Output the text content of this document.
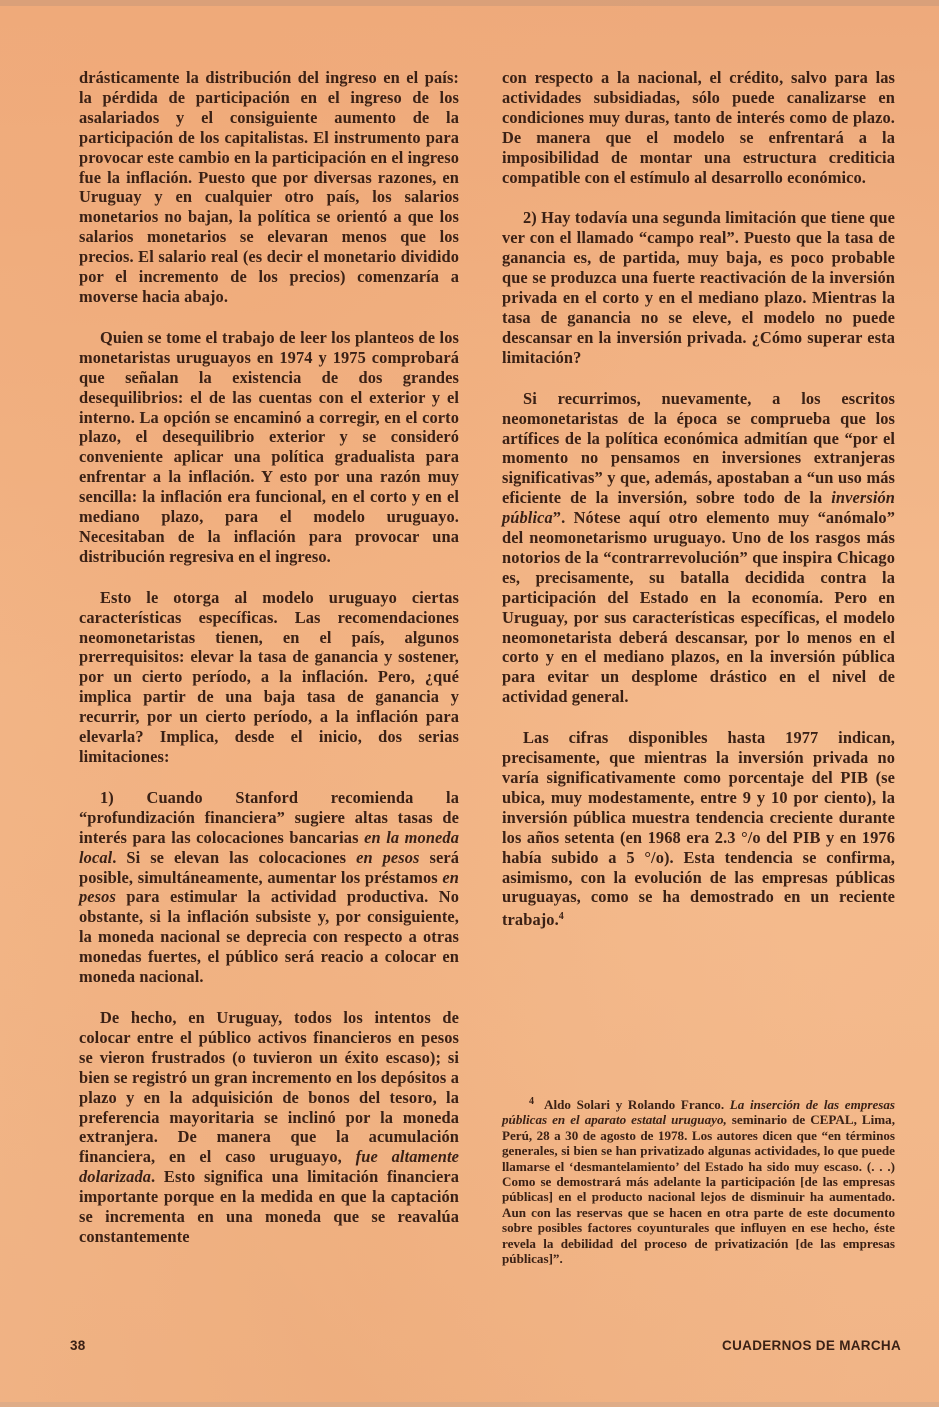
drásticamente la distribución del ingreso en el país: la pérdida de participación en el ingreso de los asalariados y el consiguiente aumento de la participación de los capitalistas. El instrumento para provocar este cambio en la participación en el ingreso fue la inflación. Puesto que por diversas razones, en Uruguay y en cualquier otro país, los salarios monetarios no bajan, la política se orientó a que los salarios monetarios se elevaran menos que los precios. El salario real (es decir el monetario dividido por el incremento de los precios) comenzaría a moverse hacia abajo.

Quien se tome el trabajo de leer los planteos de los monetaristas uruguayos en 1974 y 1975 comprobará que señalan la existencia de dos grandes desequilibrios: el de las cuentas con el exterior y el interno. La opción se encaminó a corregir, en el corto plazo, el desequilibrio exterior y se consideró conveniente aplicar una política gradualista para enfrentar a la inflación. Y esto por una razón muy sencilla: la inflación era funcional, en el corto y en el mediano plazo, para el modelo uruguayo. Necesitaban de la inflación para provocar una distribución regresiva en el ingreso.

Esto le otorga al modelo uruguayo ciertas características específicas. Las recomendaciones neomonetaristas tienen, en el país, algunos prerrequisitos: elevar la tasa de ganancia y sostener, por un cierto período, a la inflación. Pero, ¿qué implica partir de una baja tasa de ganancia y recurrir, por un cierto período, a la inflación para elevarla? Implica, desde el inicio, dos serias limitaciones:

1) Cuando Stanford recomienda la “profundización financiera” sugiere altas tasas de interés para las colocaciones bancarias en la moneda local. Si se elevan las colocaciones en pesos será posible, simultáneamente, aumentar los préstamos en pesos para estimular la actividad productiva. No obstante, si la inflación subsiste y, por consiguiente, la moneda nacional se deprecia con respecto a otras monedas fuertes, el público será reacio a colocar en moneda nacional.

De hecho, en Uruguay, todos los intentos de colocar entre el público activos financieros en pesos se vieron frustrados (o tuvieron un éxito escaso); si bien se registró un gran incremento en los depósitos a plazo y en la adquisición de bonos del tesoro, la preferencia mayoritaria se inclinó por la moneda extranjera. De manera que la acumulación financiera, en el caso uruguayo, fue altamente dolarizada. Esto significa una limitación financiera importante porque en la medida en que la captación se incrementa en una moneda que se reavalúa constantemente

con respecto a la nacional, el crédito, salvo para las actividades subsidiadas, sólo puede canalizarse en condiciones muy duras, tanto de interés como de plazo. De manera que el modelo se enfrentará a la imposibilidad de montar una estructura crediticia compatible con el estímulo al desarrollo económico.

2) Hay todavía una segunda limitación que tiene que ver con el llamado “campo real”. Puesto que la tasa de ganancia es, de partida, muy baja, es poco probable que se produzca una fuerte reactivación de la inversión privada en el corto y en el mediano plazo. Mientras la tasa de ganancia no se eleve, el modelo no puede descansar en la inversión privada. ¿Cómo superar esta limitación?

Si recurrimos, nuevamente, a los escritos neomonetaristas de la época se comprueba que los artífices de la política económica admitían que “por el momento no pensamos en inversiones extranjeras significativas” y que, además, apostaban a “un uso más eficiente de la inversión, sobre todo de la inversión pública”. Nótese aquí otro elemento muy “anómalo” del neomonetarismo uruguayo. Uno de los rasgos más notorios de la “contrarrevolución” que inspira Chicago es, precisamente, su batalla decidida contra la participación del Estado en la economía. Pero en Uruguay, por sus características específicas, el modelo neomonetarista deberá descansar, por lo menos en el corto y en el mediano plazos, en la inversión pública para evitar un desplome drástico en el nivel de actividad general.

Las cifras disponibles hasta 1977 indican, precisamente, que mientras la inversión privada no varía significativamente como porcentaje del PIB (se ubica, muy modestamente, entre 9 y 10 por ciento), la inversión pública muestra tendencia creciente durante los años setenta (en 1968 era 2.3 °/o del PIB y en 1976 había subido a 5 °/o). Esta tendencia se confirma, asimismo, con la evolución de las empresas públicas uruguayas, como se ha demostrado en un reciente trabajo.$^4$

$^4$ Aldo Solari y Rolando Franco. La inserción de las empresas públicas en el aparato estatal uruguayo, seminario de CEPAL, Lima, Perú, 28 a 30 de agosto de 1978. Los autores dicen que “en términos generales, si bien se han privatizado algunas actividades, lo que puede llamarse el ‘desmantelamiento’ del Estado ha sido muy escaso. (. . .) Como se demostrará más adelante la participación [de las empresas públicas] en el producto nacional lejos de disminuir ha aumentado. Aun con las reservas que se hacen en otra parte de este documento sobre posibles factores coyunturales que influyen en ese hecho, éste revela la debilidad del proceso de privatización [de las empresas públicas]”.

38	CUADERNOS DE MARCHA
